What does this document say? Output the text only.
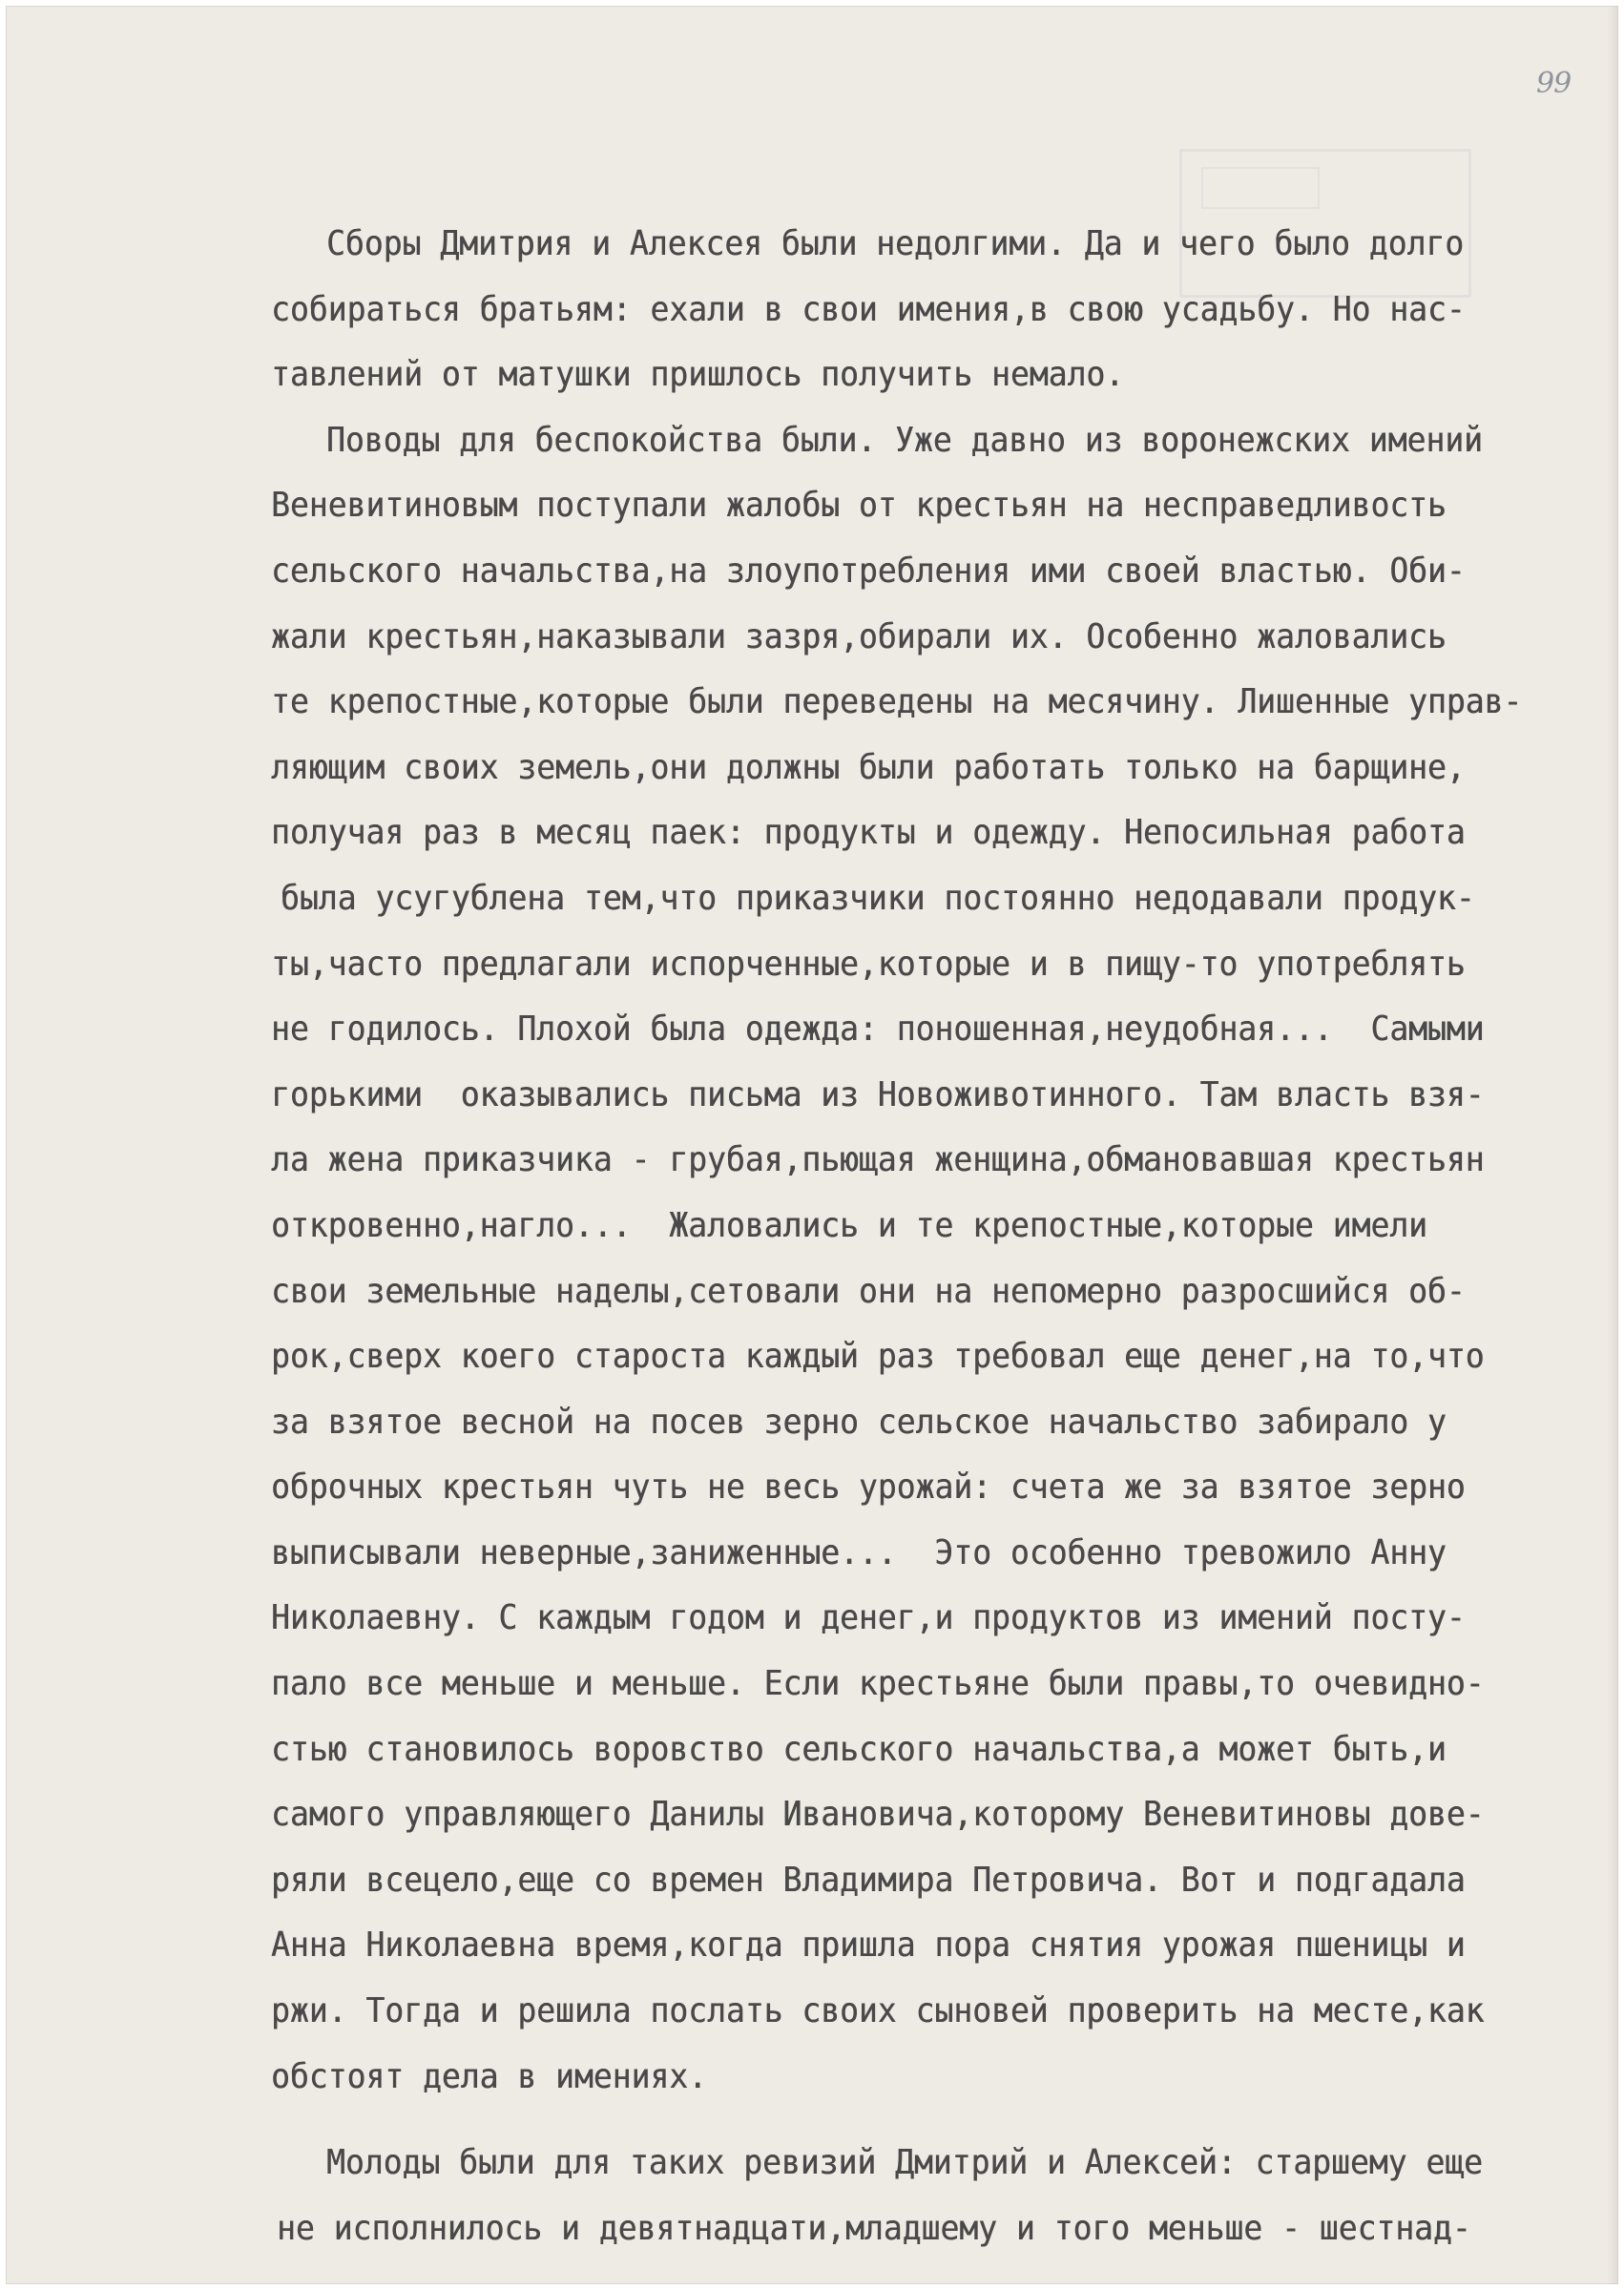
99
Сборы Дмитрия и Алексея были недолгими. Да и чего было долго
собираться братьям: ехали в свои имения,в свою усадьбу. Но нас-
тавлений от матушки пришлось получить немало.
Поводы для беспокойства были. Уже давно из воронежских имений
Веневитиновым поступали жалобы от крестьян на несправедливость
сельского начальства,на злоупотребления ими своей властью. Оби-
жали крестьян,наказывали зазря,обирали их. Особенно жаловались
те крепостные,которые были переведены на месячину. Лишенные управ-
ляющим своих земель,они должны были работать только на барщине,
получая раз в месяц паек: продукты и одежду. Непосильная работа
была усугублена тем,что приказчики постоянно недодавали продук-
ты,часто предлагали испорченные,которые и в пищу-то употреблять
не годилось. Плохой была одежда: поношенная,неудобная...  Самыми
горькими  оказывались письма из Новоживотинного. Там власть взя-
ла жена приказчика - грубая,пьющая женщина,обмановавшая крестьян
откровенно,нагло...  Жаловались и те крепостные,которые имели
свои земельные наделы,сетовали они на непомерно разросшийся об-
рок,сверх коего староста каждый раз требовал еще денег,на то,что
за взятое весной на посев зерно сельское начальство забирало у
оброчных крестьян чуть не весь урожай: счета же за взятое зерно
выписывали неверные,заниженные...  Это особенно тревожило Анну
Николаевну. С каждым годом и денег,и продуктов из имений посту-
пало все меньше и меньше. Если крестьяне были правы,то очевидно-
стью становилось воровство сельского начальства,а может быть,и
самого управляющего Данилы Ивановича,которому Веневитиновы дове-
ряли всецело,еще со времен Владимира Петровича. Вот и подгадала
Анна Николаевна время,когда пришла пора снятия урожая пшеницы и
ржи. Тогда и решила послать своих сыновей проверить на месте,как
обстоят дела в имениях.
Молоды были для таких ревизий Дмитрий и Алексей: старшему еще
не исполнилось и девятнадцати,младшему и того меньше - шестнад-
